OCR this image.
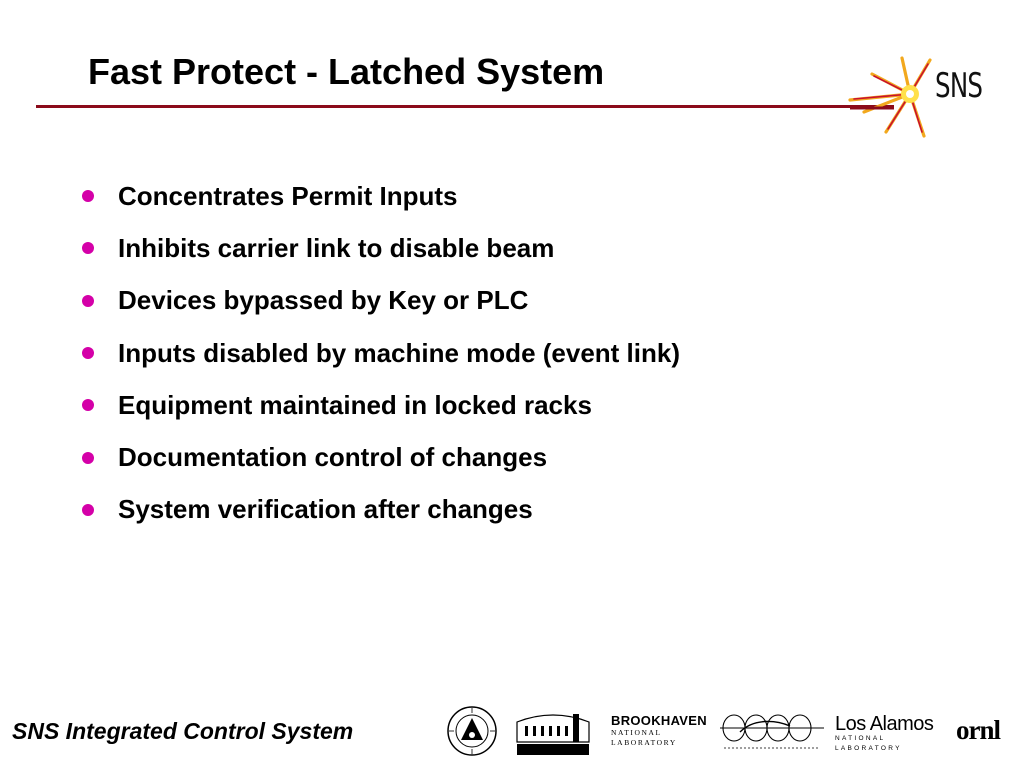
Fast Protect - Latched System	SNS
Concentrates Permit Inputs
Inhibits carrier link to disable beam
Devices bypassed by Key or PLC
Inputs disabled by machine mode (event link)
Equipment maintained in locked racks
Documentation control of changes
System verification after changes
SNS Integrated Control System	BROOKHAVEN
NATIONAL LABORATORY
Los Alamos
NATIONAL LABORATORY
ornl
